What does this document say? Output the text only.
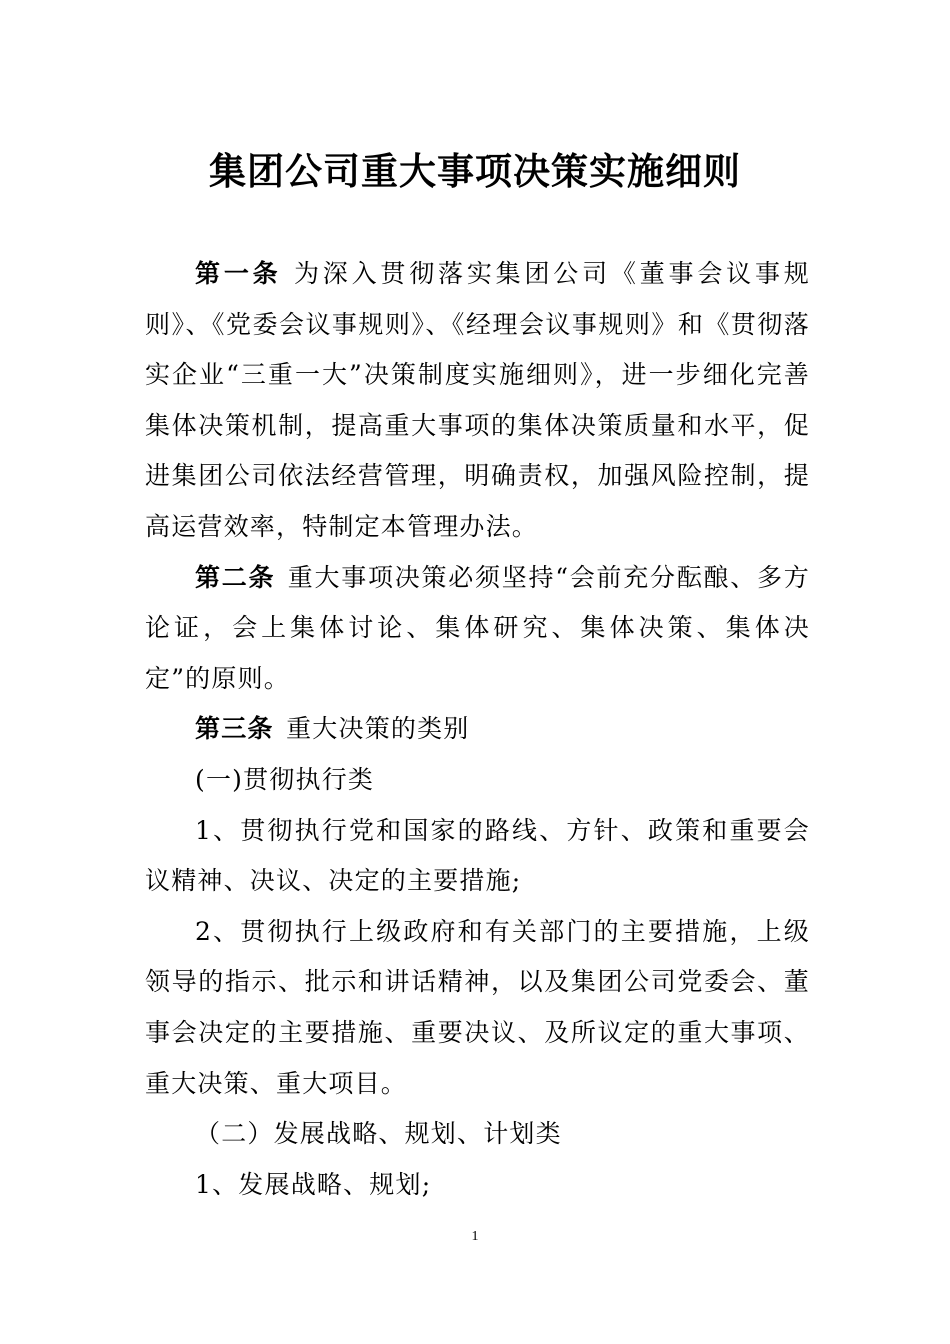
集团公司重大事项决策实施细则

第一条 为深入贯彻落实集团公司《董事会议事规则》、《党委会议事规则》、《经理会议事规则》和《贯彻落实企业“三重一大”决策制度实施细则》，进一步细化完善集体决策机制，提高重大事项的集体决策质量和水平，促进集团公司依法经营管理，明确责权，加强风险控制，提高运营效率，特制定本管理办法。

第二条 重大事项决策必须坚持“会前充分酝酿、多方论证，会上集体讨论、集体研究、集体决策、集体决定”的原则。

第三条 重大决策的类别

(一)贯彻执行类

1、贯彻执行党和国家的路线、方针、政策和重要会议精神、决议、决定的主要措施;

2、贯彻执行上级政府和有关部门的主要措施，上级领导的指示、批示和讲话精神，以及集团公司党委会、董事会决定的主要措施、重要决议、及所议定的重大事项、重大决策、重大项目。

（二）发展战略、规划、计划类

1、发展战略、规划;

1
